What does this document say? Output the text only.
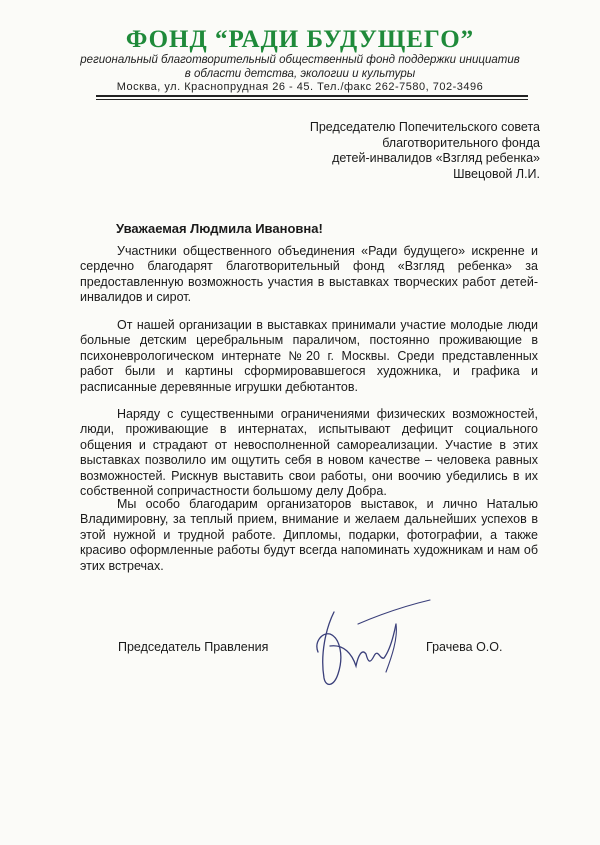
ФОНД “РАДИ БУДУЩЕГО”
региональный благотворительный общественный фонд поддержки инициатив
в области детства, экологии и культуры
Москва, ул. Краснопрудная 26 - 45. Тел./факс 262-7580, 702-3496
Председателю Попечительского совета
благотворительного фонда
детей-инвалидов «Взгляд ребенка»
Швецовой Л.И.
Уважаемая Людмила Ивановна!

Участники общественного объединения «Ради будущего» искренне и сердечно благодарят благотворительный фонд «Взгляд ребенка» за предоставленную возможность участия в выставках творческих работ детей-инвалидов и сирот.

От нашей организации в выставках принимали участие молодые люди больные детским церебральным параличом, постоянно проживающие в психоневрологическом интернате №20 г. Москвы. Среди представленных работ были и картины сформировавшегося художника, и графика и расписанные деревянные игрушки дебютантов.

Наряду с существенными ограничениями физических возможностей, люди, проживающие в интернатах, испытывают дефицит социального общения и страдают от невосполненной самореализации. Участие в этих выставках позволило им ощутить себя в новом качестве – человека равных возможностей. Рискнув выставить свои работы, они воочию убедились в их собственной сопричастности большому делу Добра.

Мы особо благодарим организаторов выставок, и лично Наталью Владимировну, за теплый прием, внимание и желаем дальнейших успехов в этой нужной и трудной работе. Дипломы, подарки, фотографии, а также красиво оформленные работы будут всегда напоминать художникам и нам об этих встречах.

Председатель Правления	Грачева О.О.
